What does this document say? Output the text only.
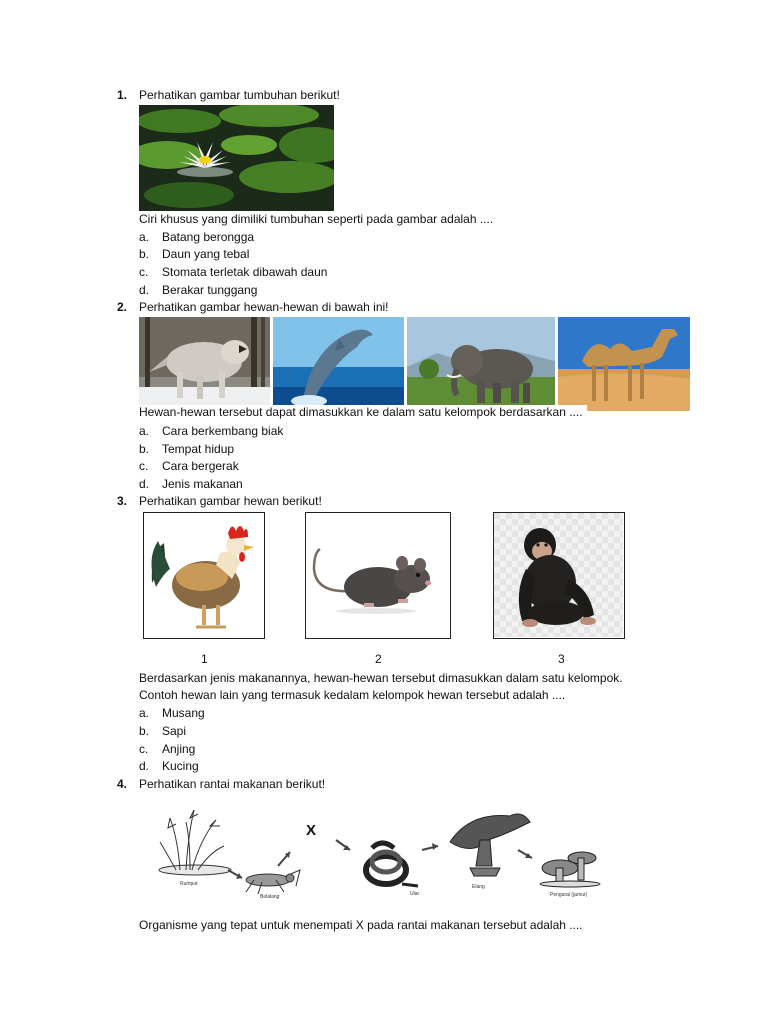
1. Perhatikan gambar tumbuhan berikut!
Ciri khusus yang dimiliki tumbuhan seperti pada gambar adalah ....
a. Batang berongga
b. Daun yang tebal
c. Stomata terletak dibawah daun
d. Berakar tunggang
2. Perhatikan gambar hewan-hewan di bawah ini!
Hewan-hewan tersebut dapat dimasukkan ke dalam satu kelompok berdasarkan ....
a. Cara berkembang biak
b. Tempat hidup
c. Cara bergerak
d. Jenis makanan
3. Perhatikan gambar hewan berikut!
1	2	3
Berdasarkan jenis makanannya, hewan-hewan tersebut dimasukkan dalam satu kelompok.
Contoh hewan lain yang termasuk kedalam kelompok hewan tersebut adalah ....
a. Musang
b. Sapi
c. Anjing
d. Kucing
4. Perhatikan rantai makanan berikut!
Rumput
Belalang
X
Ular
Elang
Pengurai (jamur)
Organisme yang tepat untuk menempati X pada rantai makanan tersebut adalah ....
